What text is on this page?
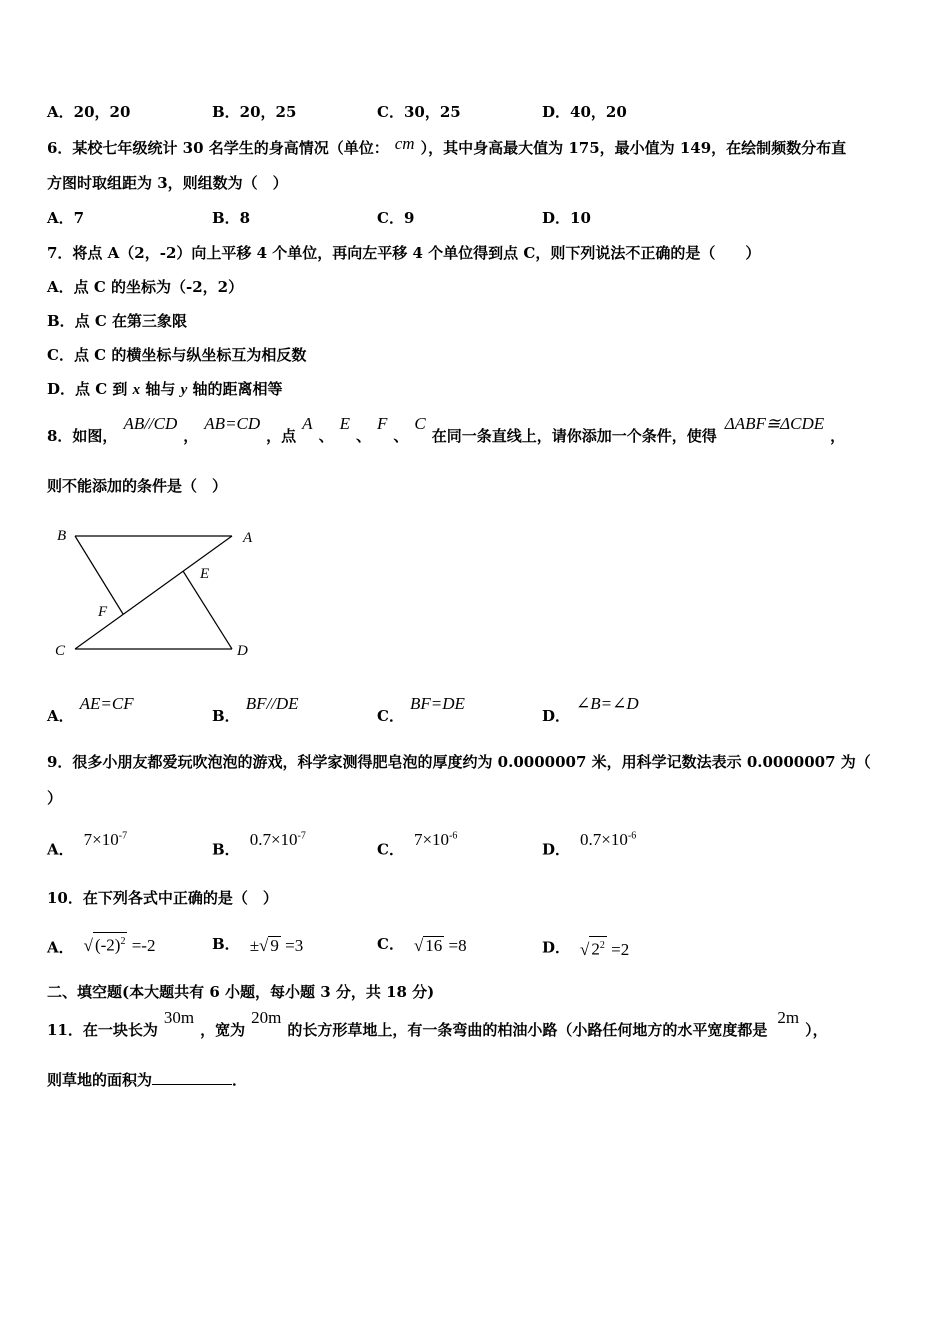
A．20，20	B．20，25	C．30，25	D．40，20
6．某校七年级统计 30 名学生的身高情况（单位： cm ），其中身高最大值为 175，最小值为 149，在绘制频数分布直
方图时取组距为 3，则组数为（　）
A．7	B．8	C．9	D．10
7．将点 A（2，-2）向上平移 4 个单位，再向左平移 4 个单位得到点 C，则下列说法不正确的是（　　）
A．点 C 的坐标为（-2，2）
B．点 C 在第三象限
C．点 C 的横坐标与纵坐标互为相反数
D．点 C 到 x 轴与 y 轴的距离相等
8．如图，AB//CD，AB=CD，点A、E、F、C在同一条直线上，请你添加一个条件，使得ΔABF≅ΔCDE，
则不能添加的条件是（　）
B	A
E
F
C	D
A．AE=CF
B．BF//DE
C．BF=DE
D．∠B=∠D
9．很多小朋友都爱玩吹泡泡的游戏，科学家测得肥皂泡的厚度约为 0.0000007 米，用科学记数法表示 0.0000007 为（
）
A．$7\times 10^{-7}$
B．$0.7\times 10^{-7}$
C．$7\times 10^{-6}$
D．$0.7\times 10^{-6}$
10．在下列各式中正确的是（　）
A． √ $(-2)^2 =-2$	B． ±√ 9 =3	C． √ 16 =8	D． √ $2^2 =2$
二、填空题(本大题共有 6 小题，每小题 3 分，共 18 分)
11．在一块长为30m，宽为20m的长方形草地上，有一条弯曲的柏油小路（小路任何地方的水平宽度都是2m），
则草地的面积为	．
